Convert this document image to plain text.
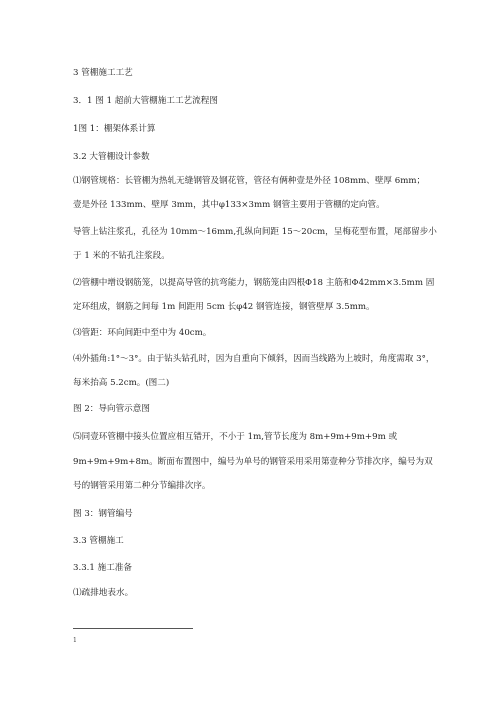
3 管棚施工工艺

3．1 图 1 超前大管棚施工工艺流程图

1图 1：棚架体系计算

3.2 大管棚设计参数

⑴钢管规格：长管棚为热轧无缝钢管及钢花管，管径有俩种壹是外径 108mm、壁厚 6mm；

壹是外径 133mm、壁厚 3mm，其中φ133×3mm 钢管主要用于管棚的定向管。

导管上钻注浆孔，孔径为 10mm～16mm,孔纵向间距 15～20cm，呈梅花型布置，尾部留步小

于 1 米的不钻孔注浆段。

⑵管棚中增设钢筋笼，以提高导管的抗弯能力，钢筋笼由四根Φ18 主筋和Φ42mm×3.5mm 固

定环组成，钢筋之间每 1m 间距用 5cm 长φ42 钢管连接，钢管壁厚 3.5mm。

⑶管距：环向间距中至中为 40cm。

⑷外插角:1°～3°。由于钻头钻孔时，因为自重向下倾斜，因而当线路为上坡时，角度需取 3°，

每米抬高 5.2cm。(图二)

图 2：导向管示意图

⑸同壹环管棚中接头位置应相互错开，不小于 1m,管节长度为 8m+9m+9m+9m 或

9m+9m+9m+8m。断面布置图中，编号为单号的钢管采用采用第壹种分节排次序，编号为双

号的钢管采用第二种分节编排次序。

图 3：钢管编号

3.3 管棚施工

3.3.1 施工准备

⑴疏排地表水。

1
